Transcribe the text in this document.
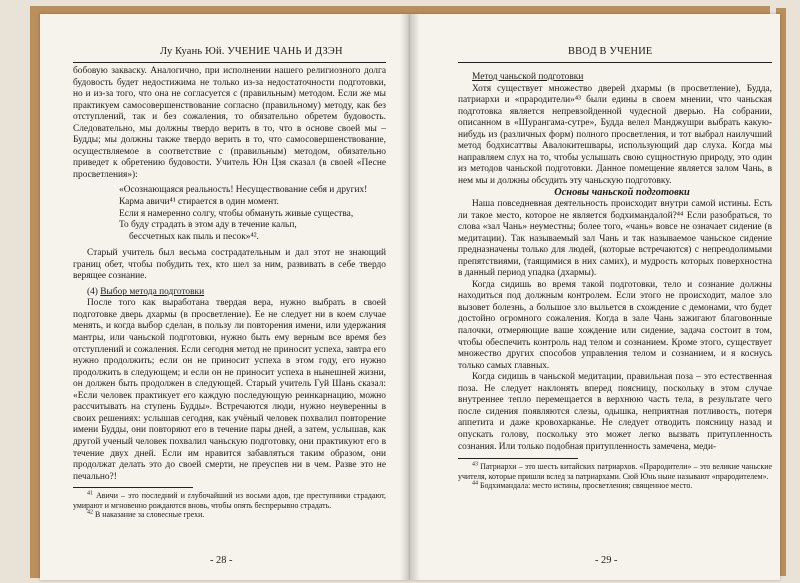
Лу Куань Юй. УЧЕНИЕ ЧАНЬ И ДЗЭН

бобовую закваску. Аналогично, при исполнении нашего религиозного долга будовость будет недостижима не только из-за недостаточности подготовки, но и из-за того, что она не согласуется с (правильным) методом. Если же мы практикуем самосовершенствование согласно (правильному) методу, как без отступлений, так и без сожаления, то обязательно обретем будовость. Следовательно, мы должны твердо верить в то, что в основе своей мы – Будды; мы должны также твердо верить в то, что самосовершенствование, осуществляемое в соответствие с (правильным) методом, обязательно приведет к обретению будовости. Учитель Юн Цзя сказал (в своей «Песне просветления»):

«Осознающаяся реальность! Несуществование себя и других!
Карма авичи⁴¹ стирается в один момент.
Если я намеренно солгу, чтобы обмануть живые существа,
То буду страдать в этом аду в течение кальп,
бессчетных как пыль и песок»⁴².

Старый учитель был весьма сострадательным и дал этот не знающий границ обет, чтобы побудить тех, кто шел за ним, развивать в себе твердо верящее сознание.

(4) Выбор метода подготовки

После того как выработана твердая вера, нужно выбрать в своей подготовке дверь дхармы (в просветление). Ее не следует ни в коем случае менять, и когда выбор сделан, в пользу ли повторения имени, или удержания мантры, или чаньской подготовки, нужно быть ему верным все время без отступлений и сожаления. Если сегодня метод не приносит успеха, завтра его нужно продолжить; если он не приносит успеха в этом году, его нужно продолжить в следующем; и если он не приносит успеха в нынешней жизни, он должен быть продолжен в следующей. Старый учитель Гуй Шань сказал: «Если человек практикует его каждую последующую реинкарнацию, можно рассчитывать на ступень Будды». Встречаются люди, нужно неуверенны в своих решениях: услышав сегодня, как учёный человек похвалил повторение имени Будды, они повторяют его в течение пары дней, а затем, услышав, как другой ученый человек похвалил чаньскую подготовку, они практикуют его в течение двух дней. Если им нравится забавляться таким образом, они продолжат делать это до своей смерти, не преуспев ни в чем. Разве это не печально?!

$^{41}$ Авичи – это последний и глубочайший из восьми адов, где преступники страдают, умирают и мгновенно рождаются вновь, чтобы опять беспрерывно страдать.

$^{42}$ В наказание за словесные грехи.

- 28 -
ВВОД В УЧЕНИЕ

Метод чаньской подготовки

Хотя существует множество дверей дхармы (в просветление), Будда, патриархи и «прародители»⁴³ были едины в своем мнении, что чаньская подготовка является непревзойденной чудесной дверью. На собрании, описанном в «Шурангама-сутре», Будда велел Манджушри выбрать какую-нибудь из (различных форм) полного просветления, и тот выбрал наилучший метод бодхисаттвы Авалокитешвары, использующий дар слуха. Когда мы направляем слух на то, чтобы услышать свою сущностную природу, это один из методов чаньской подготовки. Данное помещение является залом Чань, в нем мы и должны обсудить эту чаньскую подготовку.

Основы чаньской подготовки

Наша повседневная деятельность происходит внутри самой истины. Есть ли такое место, которое не является бодхимандалой?⁴⁴ Если разобраться, то слова «зал Чань» неуместны; более того, «чань» вовсе не означает сидение (в медитации). Так называемый зал Чань и так называемое чаньское сидение предназначены только для людей, (которые встречаются) с непреодолимыми препятствиями, (таящимися в них самих), и мудрость которых поверхностна в данный период упадка (дхармы).

Когда сидишь во время такой подготовки, тело и сознание должны находиться под должным контролем. Если этого не происходит, малое зло вызовет болезнь, а большое зло выльется в схождение с демонами, что будет достойно огромного сожаления. Когда в зале Чань зажигают благовонные палочки, отмеряющие ваше хождение или сидение, задача состоит в том, чтобы обеспечить контроль над телом и сознанием. Кроме этого, существует множество других способов управления телом и сознанием, и я коснусь только самых главных.

Когда сидишь в чаньской медитации, правильная поза – это естественная поза. Не следует наклонять вперед поясницу, поскольку в этом случае внутреннее тепло перемещается в верхнюю часть тела, в результате чего после сидения появляются слезы, одышка, неприятная потливость, потеря аппетита и даже кровохарканье. Не следует отводить поясницу назад и опускать голову, поскольку это может легко вызвать притупленность сознания. Или только подобная притупленность замечена, меди-

$^{43}$ Патриархи – это шесть китайских патриархов. «Прародители» – это великие чаньские учителя, которые пришли вслед за патриархами. Сюй Юнь ныне называют «прародителем».

$^{44}$ Бодхимандала: место истины, просветления; священное место.

- 29 -
